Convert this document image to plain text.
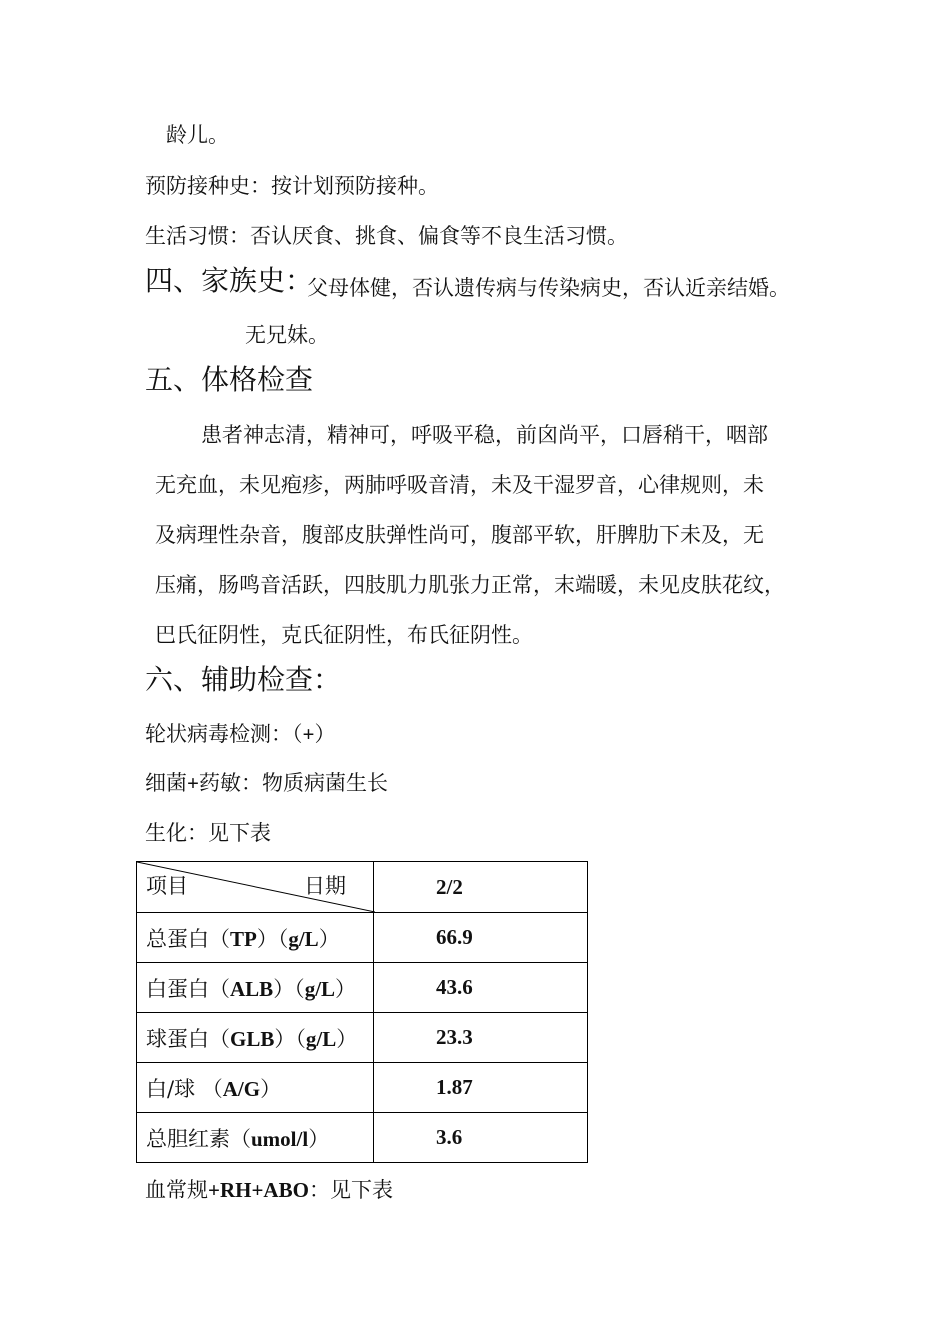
龄儿。
预防接种史：按计划预防接种。
生活习惯：否认厌食、挑食、偏食等不良生活习惯。
四、家族史：
父母体健，否认遗传病与传染病史，否认近亲结婚。
无兄妹。
五、体格检查
患者神志清，精神可，呼吸平稳，前囟尚平，口唇稍干，咽部
无充血，未见疱疹，两肺呼吸音清，未及干湿罗音，心律规则，未
及病理性杂音，腹部皮肤弹性尚可，腹部平软，肝脾肋下未及，无
压痛，肠鸣音活跃，四肢肌力肌张力正常，末端暖，未见皮肤花纹，
巴氏征阴性，克氏征阴性，布氏征阴性。
六、辅助检查：
轮状病毒检测：（+）
细菌+药敏：物质病菌生长
生化：见下表
项目 日期	2/2
总蛋白（TP）（g/L）	66.9
白蛋白（ALB）（g/L）	43.6
球蛋白（GLB）（g/L）	23.3
白/球 （A/G）	1.87
总胆红素（umol/l）	3.6
血常规+RH+ABO：见下表
